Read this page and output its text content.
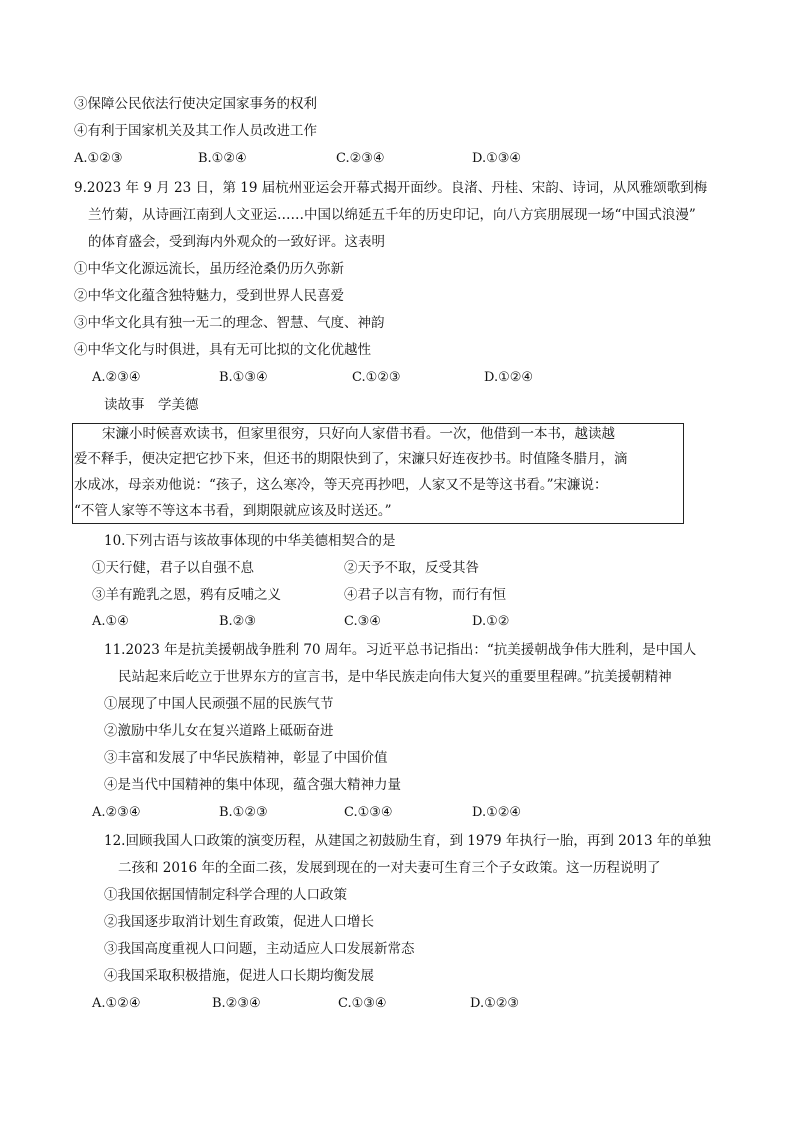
③保障公民依法行使决定国家事务的权利
④有利于国家机关及其工作人员改进工作
A.①②③	B.①②④	C.②③④	D.①③④
9.2023 年 9 月 23 日，第 19 届杭州亚运会开幕式揭开面纱。良渚、丹桂、宋韵、诗词，从风雅颂歌到梅
兰竹菊，从诗画江南到人文亚运……中国以绵延五千年的历史印记，向八方宾朋展现一场“中国式浪漫”
的体育盛会，受到海内外观众的一致好评。这表明
①中华文化源远流长，虽历经沧桑仍历久弥新
②中华文化蕴含独特魅力，受到世界人民喜爱
③中华文化具有独一无二的理念、智慧、气度、神韵
④中华文化与时俱进，具有无可比拟的文化优越性
A.②③④	B.①③④	C.①②③	D.①②④
读故事　学美德
宋濂小时候喜欢读书，但家里很穷，只好向人家借书看。一次，他借到一本书，越读越
爱不释手，便决定把它抄下来，但还书的期限快到了，宋濂只好连夜抄书。时值隆冬腊月，滴
水成冰，母亲劝他说：“孩子，这么寒冷，等天亮再抄吧，人家又不是等这书看。”宋濂说：
“不管人家等不等这本书看，到期限就应该及时送还。”
10.下列古语与该故事体现的中华美德相契合的是
①天行健，君子以自强不息	②天予不取，反受其咎
③羊有跪乳之恩，鸦有反哺之义	④君子以言有物，而行有恒
A.①④	B.②③	C.③④	D.①②
11.2023 年是抗美援朝战争胜利 70 周年。习近平总书记指出：“抗美援朝战争伟大胜利，是中国人
民站起来后屹立于世界东方的宣言书，是中华民族走向伟大复兴的重要里程碑。”抗美援朝精神
①展现了中国人民顽强不屈的民族气节
②激励中华儿女在复兴道路上砥砺奋进
③丰富和发展了中华民族精神，彰显了中国价值
④是当代中国精神的集中体现，蕴含强大精神力量
A.②③④	B.①②③	C.①③④	D.①②④
12.回顾我国人口政策的演变历程，从建国之初鼓励生育，到 1979 年执行一胎，再到 2013 年的单独
二孩和 2016 年的全面二孩，发展到现在的一对夫妻可生育三个子女政策。这一历程说明了
①我国依据国情制定科学合理的人口政策
②我国逐步取消计划生育政策，促进人口增长
③我国高度重视人口问题，主动适应人口发展新常态
④我国采取积极措施，促进人口长期均衡发展
A.①②④	B.②③④	C.①③④	D.①②③
